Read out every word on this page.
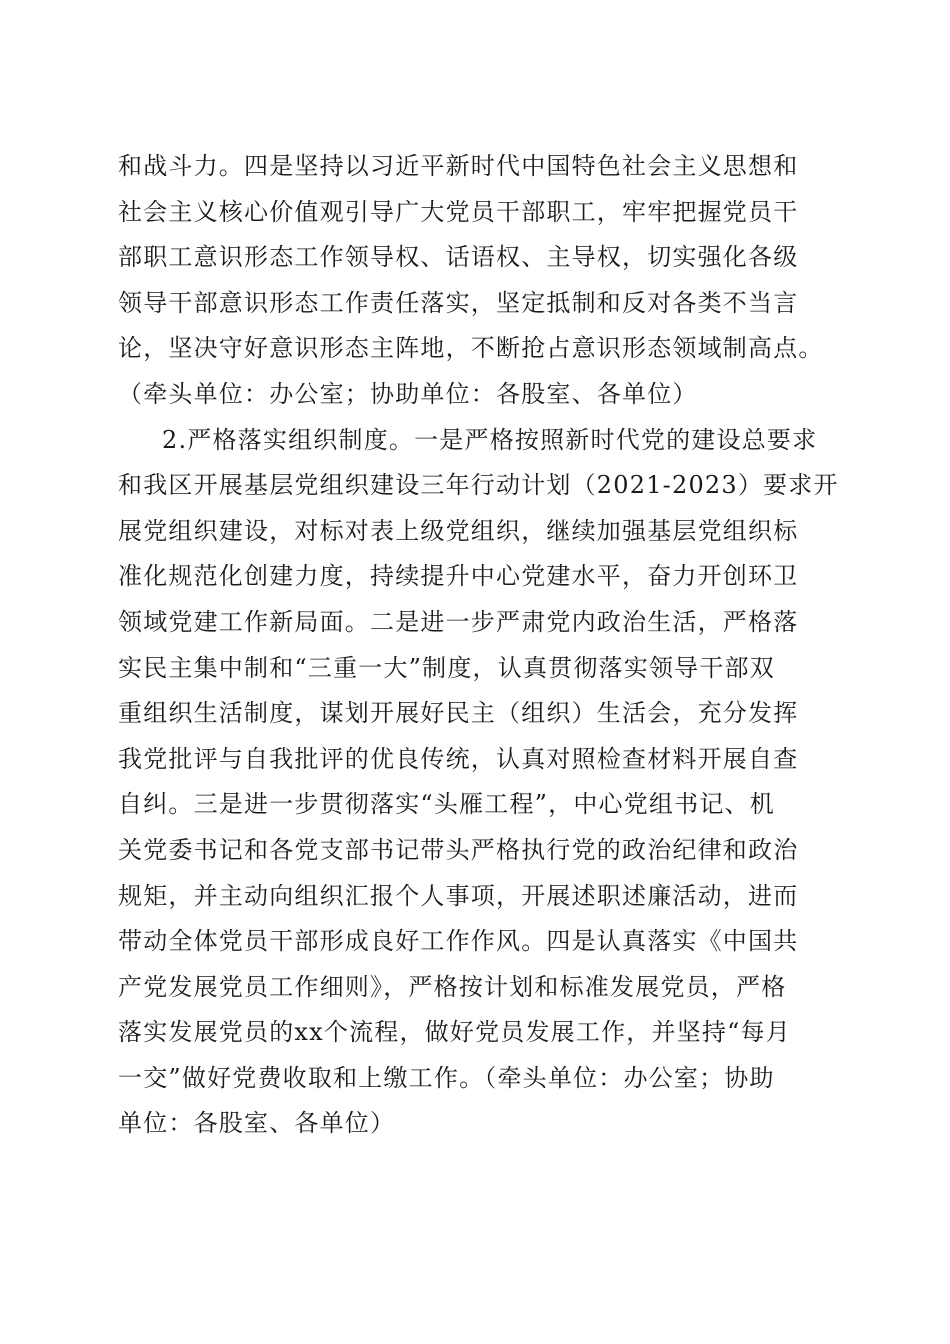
和战斗力。四是坚持以习近平新时代中国特色社会主义思想和
社会主义核心价值观引导广大党员干部职工，牢牢把握党员干
部职工意识形态工作领导权、话语权、主导权，切实强化各级
领导干部意识形态工作责任落实，坚定抵制和反对各类不当言
论，坚决守好意识形态主阵地，不断抢占意识形态领域制高点。
（牵头单位：办公室；协助单位：各股室、各单位）
2.严格落实组织制度。一是严格按照新时代党的建设总要求
和我区开展基层党组织建设三年行动计划（2021-2023）要求开
展党组织建设，对标对表上级党组织，继续加强基层党组织标
准化规范化创建力度，持续提升中心党建水平，奋力开创环卫
领域党建工作新局面。二是进一步严肃党内政治生活，严格落
实民主集中制和“三重一大”制度，认真贯彻落实领导干部双
重组织生活制度，谋划开展好民主（组织）生活会，充分发挥
我党批评与自我批评的优良传统，认真对照检查材料开展自查
自纠。三是进一步贯彻落实“头雁工程”，中心党组书记、机
关党委书记和各党支部书记带头严格执行党的政治纪律和政治
规矩，并主动向组织汇报个人事项，开展述职述廉活动，进而
带动全体党员干部形成良好工作作风。四是认真落实《中国共
产党发展党员工作细则》，严格按计划和标准发展党员，严格
落实发展党员的xx个流程，做好党员发展工作，并坚持“每月
一交”做好党费收取和上缴工作。（牵头单位：办公室；协助
单位：各股室、各单位）
